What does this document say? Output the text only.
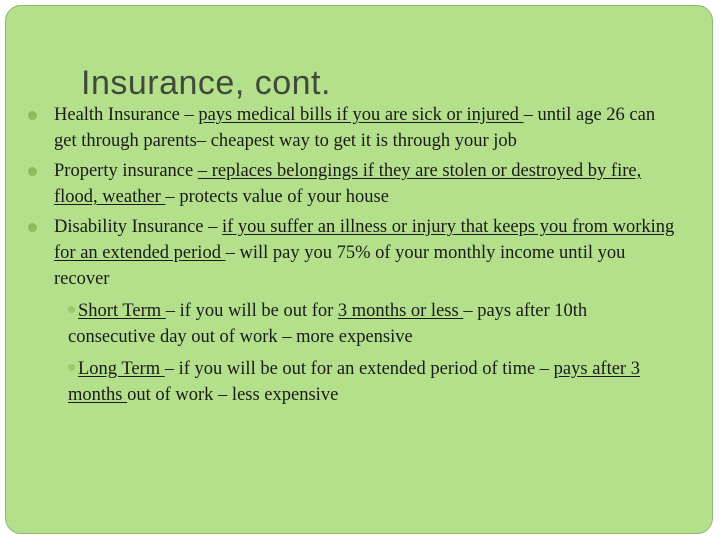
Insurance, cont.
Health Insurance – pays medical bills if you are sick or injured – until age 26 can get through parents– cheapest way to get it is through your job
Property insurance – replaces belongings if they are stolen or destroyed by fire, flood, weather – protects value of your house
Disability Insurance – if you suffer an illness or injury that keeps you from working for an extended period – will pay you 75% of your monthly income until you recover
Short Term – if you will be out for 3 months or less – pays after 10th consecutive day out of work – more expensive
Long Term – if you will be out for an extended period of time – pays after 3 months out of work – less expensive
